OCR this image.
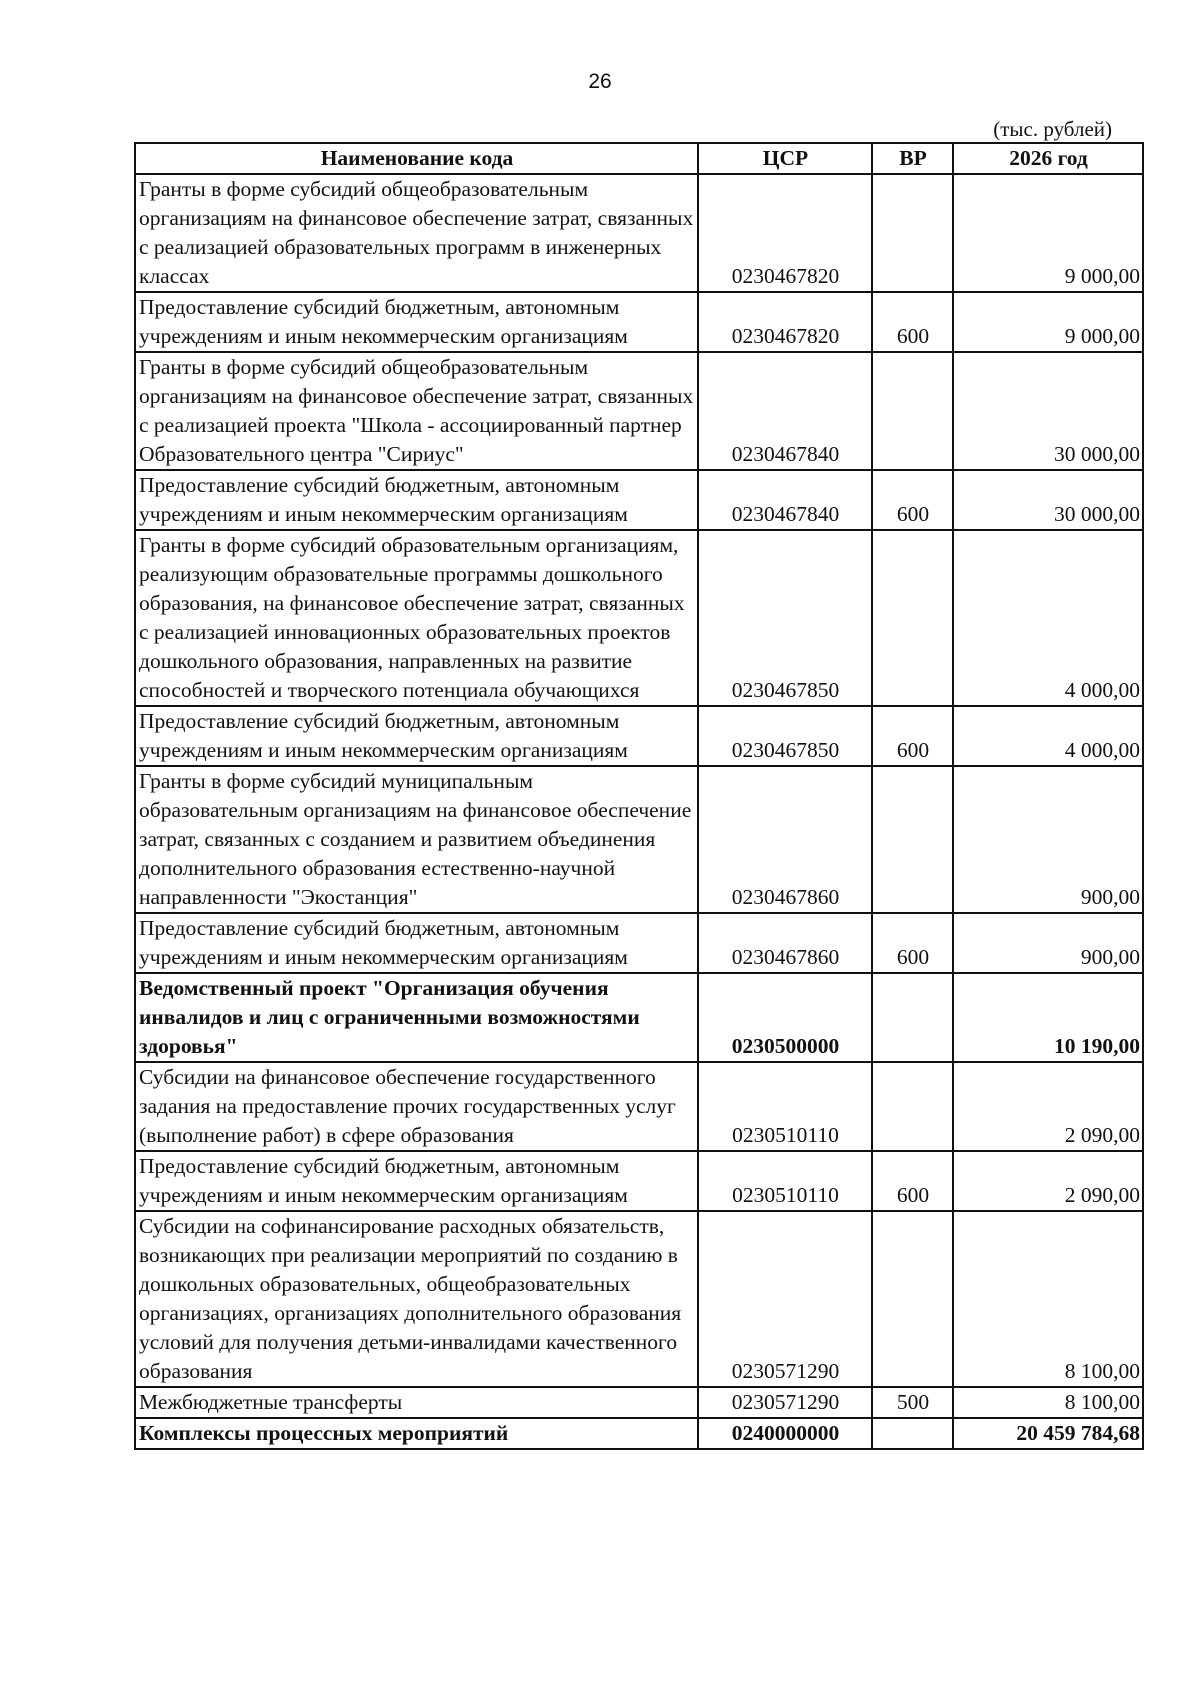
26
(тыс. рублей)
Наименование кода	ЦСР	ВР	2026 год
Гранты в форме субсидий общеобразовательным организациям на финансовое обеспечение затрат, связанных с реализацией образовательных программ в инженерных классах	0230467820		9 000,00
Предоставление субсидий бюджетным, автономным учреждениям и иным некоммерческим организациям	0230467820	600	9 000,00
Гранты в форме субсидий общеобразовательным организациям на финансовое обеспечение затрат, связанных с реализацией проекта "Школа - ассоциированный партнер Образовательного центра "Сириус"	0230467840		30 000,00
Предоставление субсидий бюджетным, автономным учреждениям и иным некоммерческим организациям	0230467840	600	30 000,00
Гранты в форме субсидий образовательным организациям, реализующим образовательные программы дошкольного образования, на финансовое обеспечение затрат, связанных с реализацией инновационных образовательных проектов дошкольного образования, направленных на развитие способностей и творческого потенциала обучающихся	0230467850		4 000,00
Предоставление субсидий бюджетным, автономным учреждениям и иным некоммерческим организациям	0230467850	600	4 000,00
Гранты в форме субсидий муниципальным образовательным организациям на финансовое обеспечение затрат, связанных с созданием и развитием объединения дополнительного образования естественно-научной направленности "Экостанция"	0230467860		900,00
Предоставление субсидий бюджетным, автономным учреждениям и иным некоммерческим организациям	0230467860	600	900,00
Ведомственный проект "Организация обучения инвалидов и лиц с ограниченными возможностями здоровья"	0230500000		10 190,00
Субсидии на финансовое обеспечение государственного задания на предоставление прочих государственных услуг (выполнение работ) в сфере образования	0230510110		2 090,00
Предоставление субсидий бюджетным, автономным учреждениям и иным некоммерческим организациям	0230510110	600	2 090,00
Субсидии на софинансирование расходных обязательств, возникающих при реализации мероприятий по созданию в дошкольных образовательных, общеобразовательных организациях, организациях дополнительного образования условий для получения детьми-инвалидами качественного образования	0230571290		8 100,00
Межбюджетные трансферты	0230571290	500	8 100,00
Комплексы процессных мероприятий	0240000000		20 459 784,68
